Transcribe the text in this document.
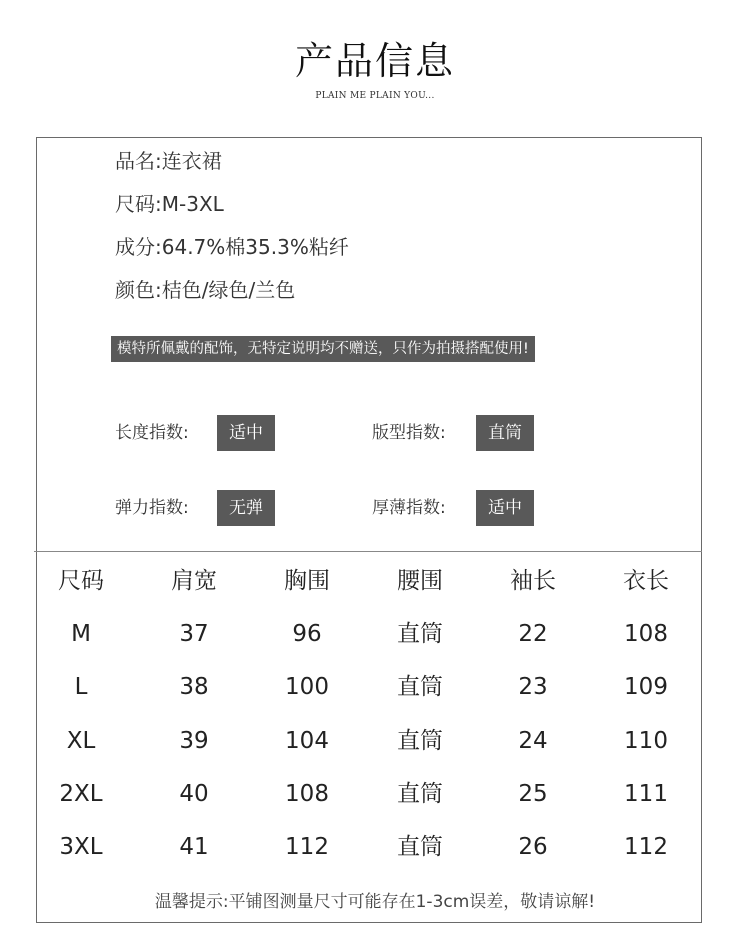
产品信息
PLAIN ME PLAIN YOU...
品名:连衣裙
尺码:M-3XL
成分:64.7%棉35.3%粘纤
颜色:桔色/绿色/兰色
模特所佩戴的配饰，无特定说明均不赠送，只作为拍摄搭配使用!
长度指数:	适中	版型指数:	直筒
弹力指数:	无弹	厚薄指数:	适中
尺码	肩宽	胸围	腰围	袖长	衣长
M	37	96	直筒	22	108
L	38	100	直筒	23	109
XL	39	104	直筒	24	110
2XL	40	108	直筒	25	111
3XL	41	112	直筒	26	112
温馨提示:平铺图测量尺寸可能存在1-3cm误差，敬请谅解!
